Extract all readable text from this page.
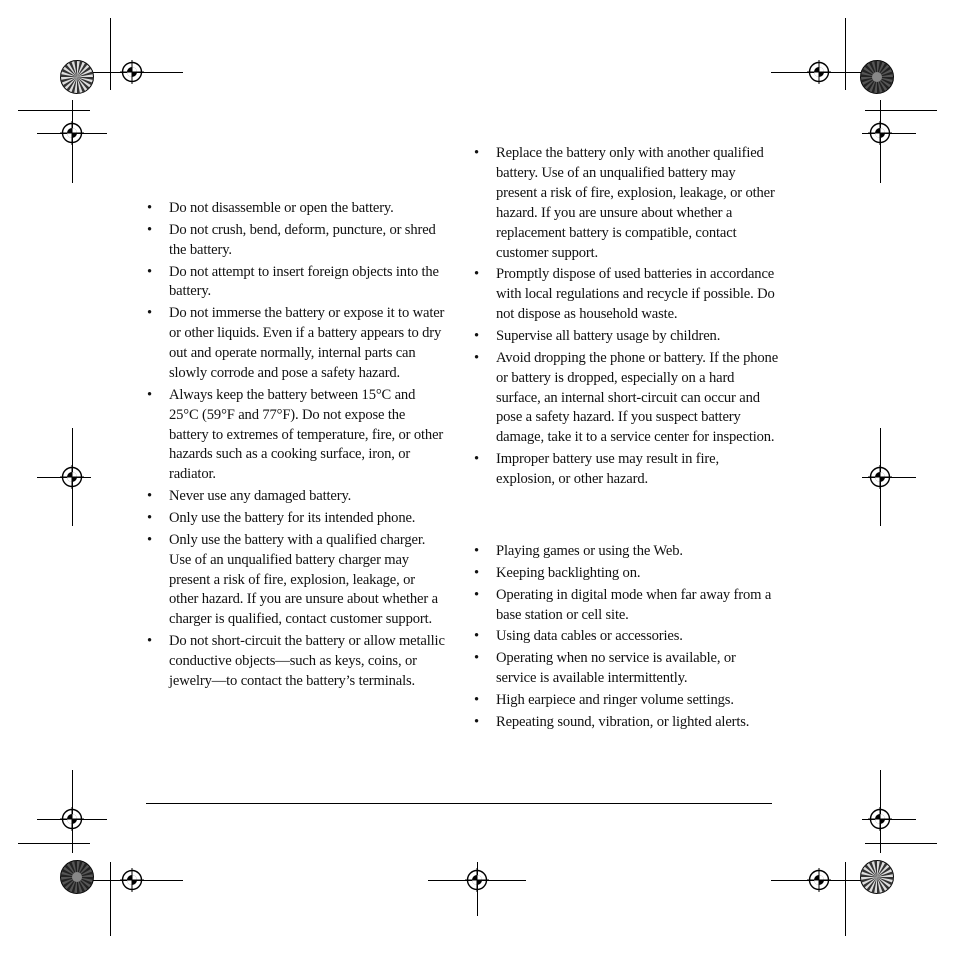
• Do not disassemble or open the battery.
• Do not crush, bend, deform, puncture, or shred the battery.
• Do not attempt to insert foreign objects into the battery.
• Do not immerse the battery or expose it to water or other liquids. Even if a battery appears to dry out and operate normally, internal parts can slowly corrode and pose a safety hazard.
• Always keep the battery between 15°C and 25°C (59°F and 77°F). Do not expose the battery to extremes of temperature, fire, or other hazards such as a cooking surface, iron, or radiator.
• Never use any damaged battery.
• Only use the battery for its intended phone.
• Only use the battery with a qualified charger. Use of an unqualified battery charger may present a risk of fire, explosion, leakage, or other hazard. If you are unsure about whether a charger is qualified, contact customer support.
• Do not short-circuit the battery or allow metallic conductive objects—such as keys, coins, or jewelry—to contact the battery’s terminals.
• Replace the battery only with another qualified battery. Use of an unqualified battery may present a risk of fire, explosion, leakage, or other hazard. If you are unsure about whether a replacement battery is compatible, contact customer support.
• Promptly dispose of used batteries in accordance with local regulations and recycle if possible. Do not dispose as household waste.
• Supervise all battery usage by children.
• Avoid dropping the phone or battery. If the phone or battery is dropped, especially on a hard surface, an internal short-circuit can occur and pose a safety hazard. If you suspect battery damage, take it to a service center for inspection.
• Improper battery use may result in fire, explosion, or other hazard.
• Playing games or using the Web.
• Keeping backlighting on.
• Operating in digital mode when far away from a base station or cell site.
• Using data cables or accessories.
• Operating when no service is available, or service is available intermittently.
• High earpiece and ringer volume settings.
• Repeating sound, vibration, or lighted alerts.
